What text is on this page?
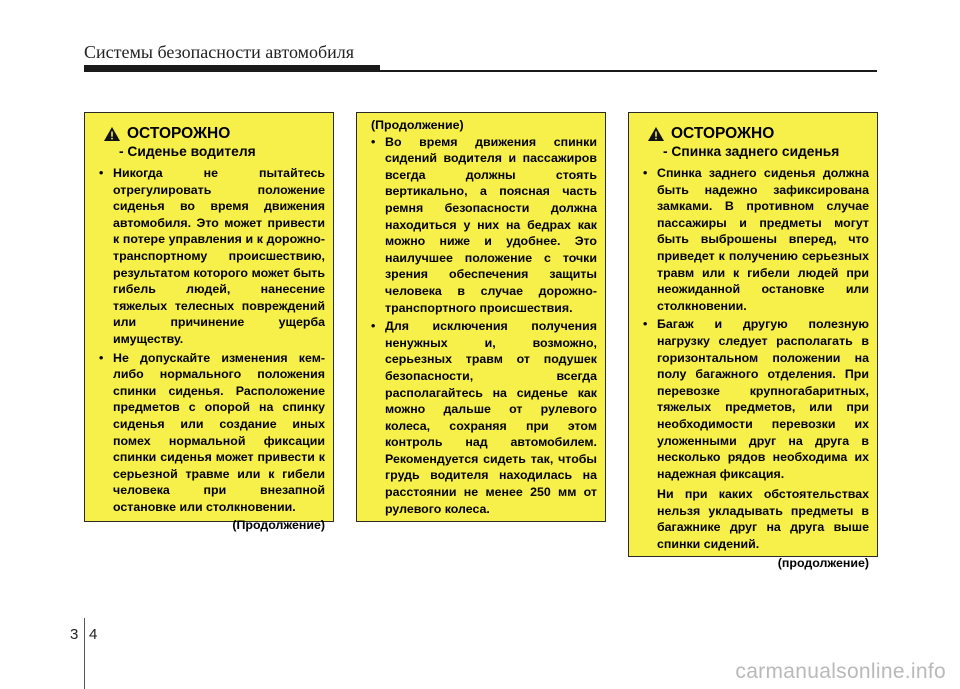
Системы безопасности автомобиля
ОСТОРОЖНО
- Сиденье водителя
• Никогда не пытайтесь отрегулировать положение сиденья во время движения автомобиля. Это может привести к потере управления и к дорожно-транспортному происшествию, результатом которого может быть гибель людей, нанесение тяжелых телесных повреждений или причинение ущерба имуществу.
• Не допускайте изменения кем-либо нормального положения спинки сиденья. Расположение предметов с опорой на спинку сиденья или создание иных помех нормальной фиксации спинки сиденья может привести к серьезной травме или к гибели человека при внезапной остановке или столкновении.
(Продолжение)
(Продолжение)
• Во время движения спинки сидений водителя и пассажиров всегда должны стоять вертикально, а поясная часть ремня безопасности должна находиться у них на бедрах как можно ниже и удобнее. Это наилучшее положение с точки зрения обеспечения защиты человека в случае дорожно-транспортного происшествия.
• Для исключения получения ненужных и, возможно, серьезных травм от подушек безопасности, всегда располагайтесь на сиденье как можно дальше от рулевого колеса, сохраняя при этом контроль над автомобилем. Рекомендуется сидеть так, чтобы грудь водителя находилась на расстоянии не менее 250 мм от рулевого колеса.
ОСТОРОЖНО
- Спинка заднего сиденья
• Спинка заднего сиденья должна быть надежно зафиксирована замками. В противном случае пассажиры и предметы могут быть выброшены вперед, что приведет к получению серьезных травм или к гибели людей при неожиданной остановке или столкновении.
• Багаж и другую полезную нагрузку следует располагать в горизонтальном положении на полу багажного отделения. При перевозке крупногабаритных, тяжелых предметов, или при необходимости перевозки их уложенными друг на друга в несколько рядов необходима их надежная фиксация.
Ни при каких обстоятельствах нельзя укладывать предметы в багажнике друг на друга выше спинки сидений.
(продолжение)
3 4
carmanualsonline.info
